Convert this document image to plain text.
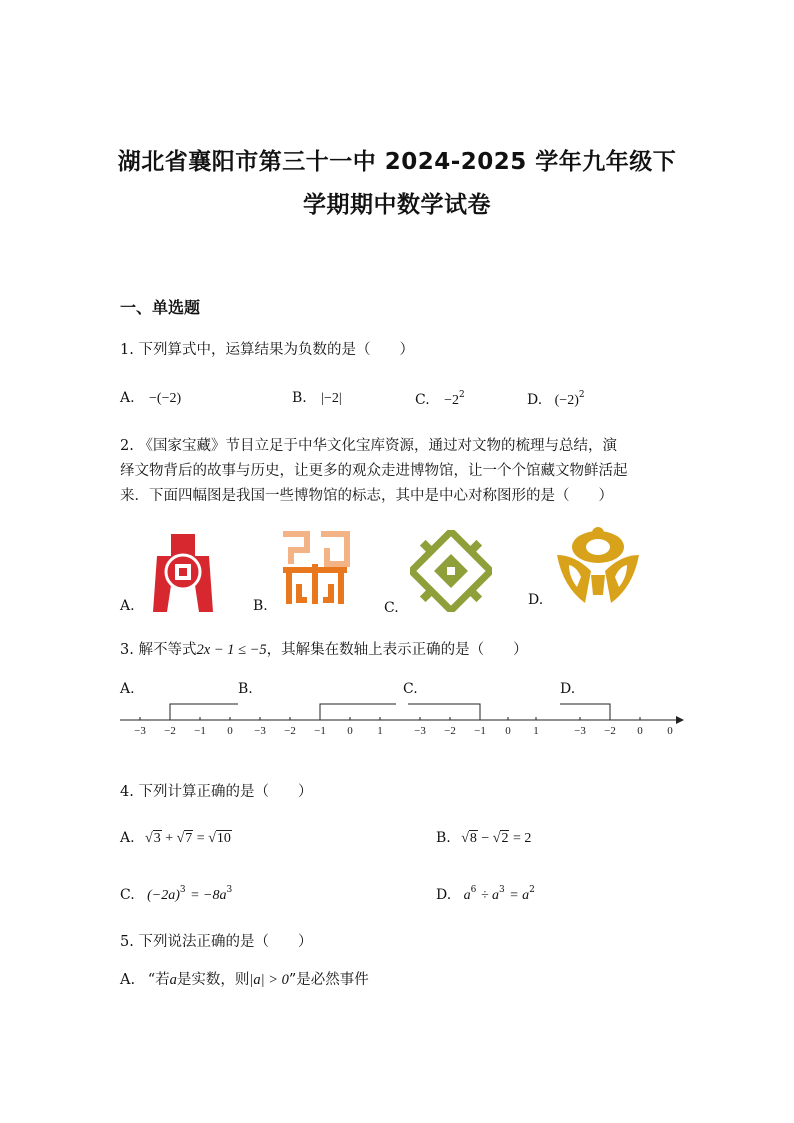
湖北省襄阳市第三十一中 2024-2025 学年九年级下
学期期中数学试卷
一、单选题
1. 下列算式中，运算结果为负数的是（　　）
A. −(−2)	B. |−2|	C. $-2^2$	D. $(-2)^2$
2. 《国家宝藏》节目立足于中华文化宝库资源，通过对文物的梳理与总结，演
绎文物背后的故事与历史，让更多的观众走进博物馆，让一个个馆藏文物鲜活起
来．下面四幅图是我国一些博物馆的标志，其中是中心对称图形的是（　　）
A.	B.	C.	D.
3. 解不等式2x − 1 ≤ −5，其解集在数轴上表示正确的是（　　）
A.	B.	C.	D.
−3 −2 −1 0 −3 −2 −1 0 1	−3 −2 −1 0 1	−3 −2 0 0
4. 下列计算正确的是（　　）
A. √3 + √7 = √10	B. √8 − √2 = 2
C. $(-2a)^3 = -8a^3$	D. $a^6 \div a^3 = a^2$
5. 下列说法正确的是（　　）
A. “若a是实数，则|a| > 0”是必然事件
